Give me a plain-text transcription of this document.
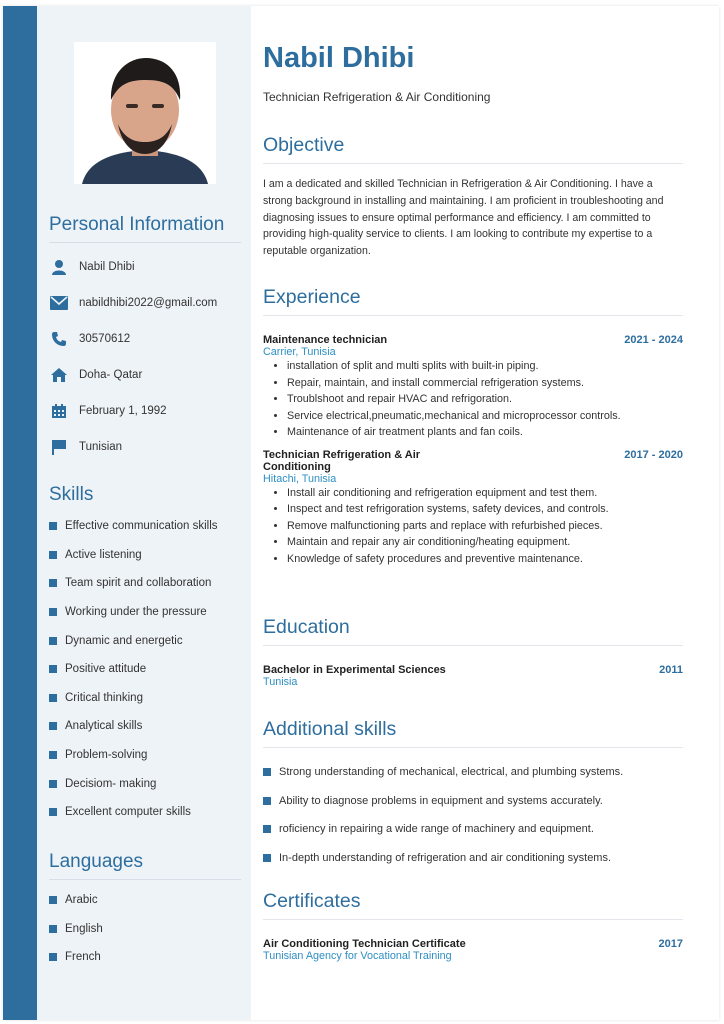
Personal Information
Nabil Dhibi
nabildhibi2022@gmail.com
30570612
Doha- Qatar
February 1, 1992
Tunisian
Skills
Effective communication skills
Active listening
Team spirit and collaboration
Working under the pressure
Dynamic and energetic
Positive attitude
Critical thinking
Analytical skills
Problem-solving
Decisiom- making
Excellent computer skills
Languages
Arabic
English
French
Nabil Dhibi
Technician Refrigeration & Air Conditioning
Objective

I am a dedicated and skilled Technician in Refrigeration & Air Conditioning. I have a strong background in installing and maintaining. I am proficient in troubleshooting and diagnosing issues to ensure optimal performance and efficiency. I am committed to providing high-quality service to clients. I am looking to contribute my expertise to a reputable organization.

Experience
Maintenance technician	2021 - 2024
Carrier, Tunisia
• installation of split and multi splits with built-in piping.
• Repair, maintain, and install commercial refrigeration systems.
• Troublshoot and repair HVAC and refrigoration.
• Service electrical,pneumatic,mechanical and microprocessor controls.
• Maintenance of air treatment plants and fan coils.
Technician Refrigeration & Air Conditioning
2017 - 2020
Hitachi, Tunisia
• Install air conditioning and refrigeration equipment and test them.
• Inspect and test refrigoration systems, safety devices, and controls.
• Remove malfunctioning parts and replace with refurbished pieces.
• Maintain and repair any air conditioning/heating equipment.
• Knowledge of safety procedures and preventive maintenance.
Education
Bachelor in Experimental Sciences	2011
Tunisia
Additional skills
Strong understanding of mechanical, electrical, and plumbing systems.
Ability to diagnose problems in equipment and systems accurately.
roficiency in repairing a wide range of machinery and equipment.
In-depth understanding of refrigeration and air conditioning systems.
Certificates
Air Conditioning Technician Certificate	2017
Tunisian Agency for Vocational Training
